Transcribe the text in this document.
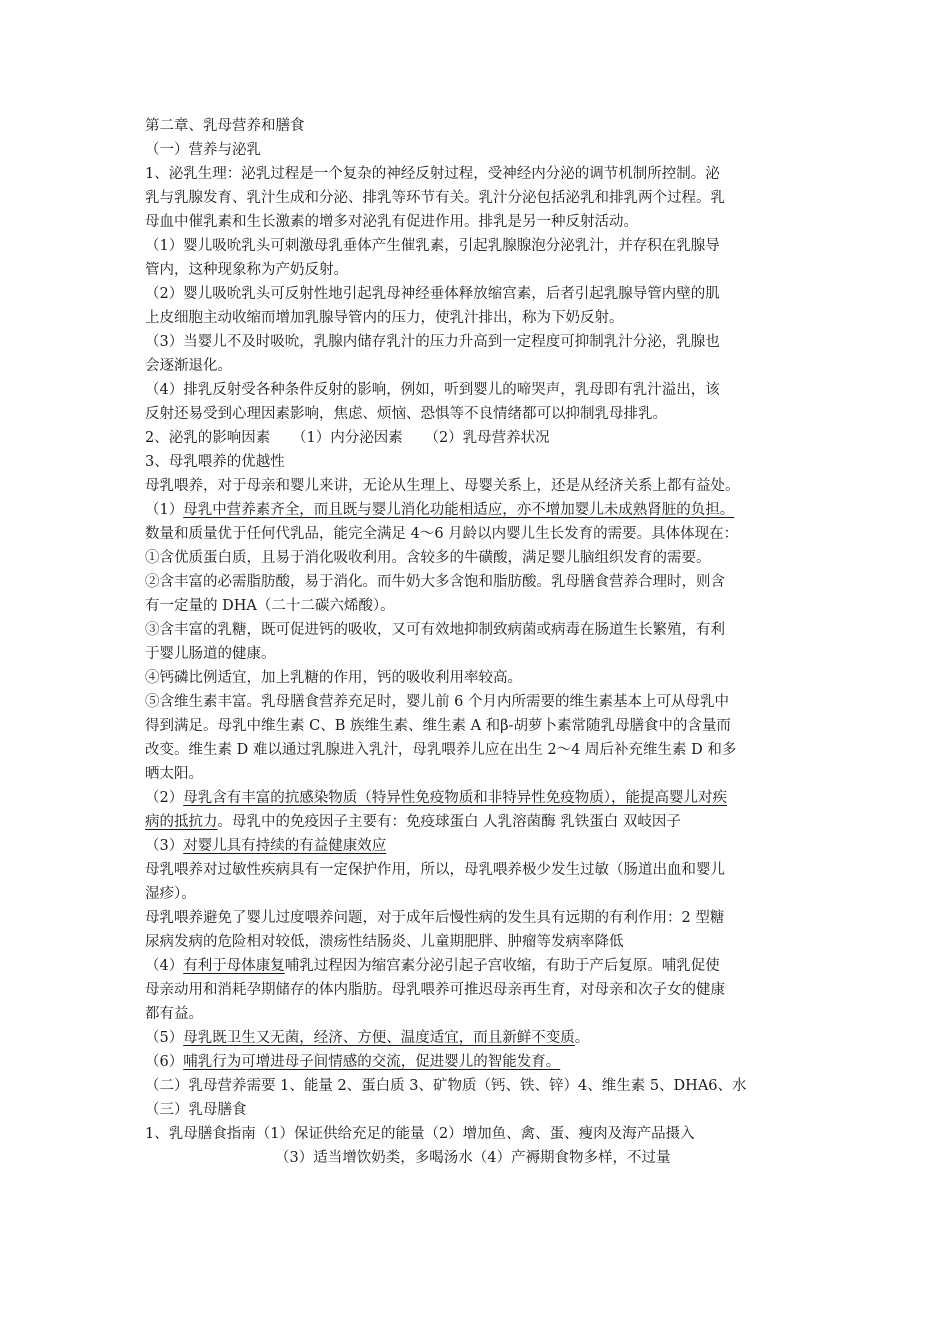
第二章、乳母营养和膳食
（一）营养与泌乳
1、泌乳生理：泌乳过程是一个复杂的神经反射过程，受神经内分泌的调节机制所控制。泌
乳与乳腺发育、乳汁生成和分泌、排乳等环节有关。乳汁分泌包括泌乳和排乳两个过程。乳
母血中催乳素和生长激素的增多对泌乳有促进作用。排乳是另一种反射活动。
（1）婴儿吸吮乳头可刺激母乳垂体产生催乳素，引起乳腺腺泡分泌乳汁，并存积在乳腺导
管内，这种现象称为产奶反射。
（2）婴儿吸吮乳头可反射性地引起乳母神经垂体释放缩宫素，后者引起乳腺导管内壁的肌
上皮细胞主动收缩而增加乳腺导管内的压力，使乳汁排出，称为下奶反射。
（3）当婴儿不及时吸吮，乳腺内储存乳汁的压力升高到一定程度可抑制乳汁分泌，乳腺也
会逐渐退化。
（4）排乳反射受各种条件反射的影响，例如，听到婴儿的啼哭声，乳母即有乳汁溢出，该
反射还易受到心理因素影响，焦虑、烦恼、恐惧等不良情绪都可以抑制乳母排乳。
2、泌乳的影响因素　　（1）内分泌因素　　（2）乳母营养状况
3、母乳喂养的优越性
母乳喂养，对于母亲和婴儿来讲，无论从生理上、母婴关系上，还是从经济关系上都有益处。
（1）母乳中营养素齐全，而且既与婴儿消化功能相适应，亦不增加婴儿未成熟肾脏的负担。
数量和质量优于任何代乳品，能完全满足 4～6 月龄以内婴儿生长发育的需要。具体体现在：
①含优质蛋白质，且易于消化吸收利用。含较多的牛磺酸，满足婴儿脑组织发育的需要。
②含丰富的必需脂肪酸，易于消化。而牛奶大多含饱和脂肪酸。乳母膳食营养合理时，则含
有一定量的 DHA（二十二碳六烯酸）。
③含丰富的乳糖，既可促进钙的吸收，又可有效地抑制致病菌或病毒在肠道生长繁殖，有利
于婴儿肠道的健康。
④钙磷比例适宜，加上乳糖的作用，钙的吸收利用率较高。
⑤含维生素丰富。乳母膳食营养充足时，婴儿前 6 个月内所需要的维生素基本上可从母乳中
得到满足。母乳中维生素 C、B 族维生素、维生素 A 和β-胡萝卜素常随乳母膳食中的含量而
改变。维生素 D 难以通过乳腺进入乳汁，母乳喂养儿应在出生 2～4 周后补充维生素 D 和多
晒太阳。
（2）母乳含有丰富的抗感染物质（特异性免疫物质和非特异性免疫物质），能提高婴儿对疾
病的抵抗力。母乳中的免疫因子主要有：免疫球蛋白 人乳溶菌酶 乳铁蛋白 双岐因子
（3）对婴儿具有持续的有益健康效应
母乳喂养对过敏性疾病具有一定保护作用，所以，母乳喂养极少发生过敏（肠道出血和婴儿
湿疹）。
母乳喂养避免了婴儿过度喂养问题，对于成年后慢性病的发生具有远期的有利作用：2 型糖
尿病发病的危险相对较低，溃疡性结肠炎、儿童期肥胖、肿瘤等发病率降低
（4）有利于母体康复哺乳过程因为缩宫素分泌引起子宫收缩，有助于产后复原。哺乳促使
母亲动用和消耗孕期储存的体内脂肪。母乳喂养可推迟母亲再生育，对母亲和次子女的健康
都有益。
（5）母乳既卫生又无菌，经济、方便、温度适宜，而且新鲜不变质。
（6）哺乳行为可增进母子间情感的交流，促进婴儿的智能发育。
（二）乳母营养需要 1、能量 2、蛋白质 3、矿物质（钙、铁、锌）4、维生素 5、DHA6、水
（三）乳母膳食
1、乳母膳食指南（1）保证供给充足的能量（2）增加鱼、禽、蛋、瘦肉及海产品摄入
（3）适当增饮奶类，多喝汤水（4）产褥期食物多样，不过量
